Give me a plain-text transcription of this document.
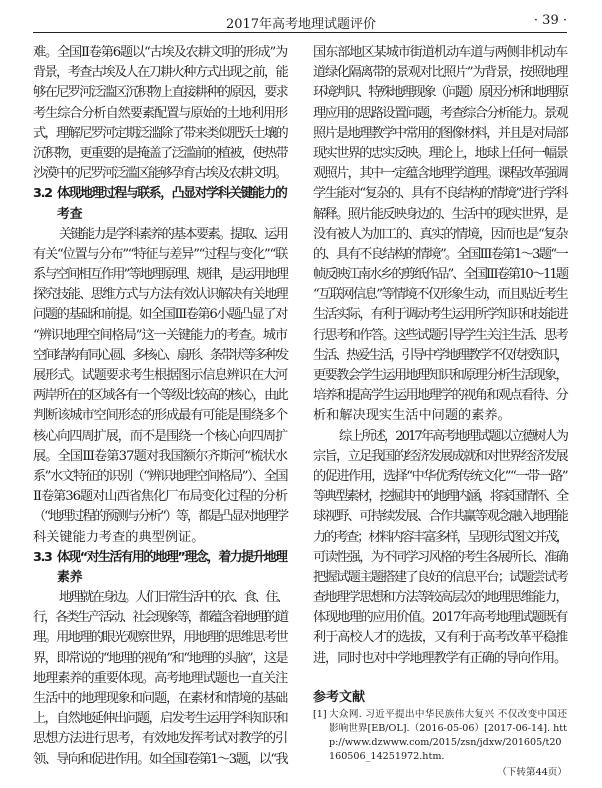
2017年高考地理试题评价	· 39 ·
难。全国Ⅱ卷第6题以“古埃及农耕文明的形成”为
背景，考查古埃及人在刀耕火种方式出现之前，能
够在尼罗河泛滥区沉积物上直接耕种的原因，要求
考生综合分析自然要素配置与原始的土地利用形
式，理解尼罗河定期泛滥除了带来类似肥沃土壤的
沉积物，更重要的是掩盖了泛滥前的植被，使热带
沙漠中的尼罗河泛滥区能够孕育古埃及农耕文明。
3.2 体现地理过程与联系，凸显对学科关键能力的
考查
关键能力是学科素养的基本要素。提取、运用
有关“位置与分布”“特征与差异”“过程与变化”“联
系与空间相互作用”等地理原理、规律，是运用地理
探究技能、思维方式与方法有效认识解决有关地理
问题的基础和前提。如全国Ⅲ卷第6小题凸显了对
“辨识地理空间格局”这一关键能力的考查。城市
空间结构有同心圆、多核心、扇形、条带状等多种发
展形式。试题要求考生根据图示信息辨识在大河
两岸所在的区域各有一个等级比较高的核心，由此
判断该城市空间形态的形成最有可能是围绕多个
核心向四周扩展，而不是围绕一个核心向四周扩
展。全国Ⅲ卷第37题对我国额尔齐斯河“梳状水
系”水文特征的识别（“辨识地理空间格局”）、全国
Ⅱ卷第36题对山西省焦化厂布局变化过程的分析
（“地理过程的预测与分析”）等，都是凸显对地理学
科关键能力考查的典型例证。
3.3 体现“对生活有用的地理”理念，着力提升地理
素养
地理就在身边。人们日常生活中的衣、食、住、
行，各类生产活动、社会现象等，都蕴含着地理的道
理。用地理的眼光观察世界，用地理的思维思考世
界，即常说的“地理的视角”和“地理的头脑”，这是
地理素养的重要体现。高考地理试题也一直关注
生活中的地理现象和问题，在素材和情境的基础
上，自然地延伸出问题，启发考生运用学科知识和
思想方法进行思考，有效地发挥考试对教学的引
领、导向和促进作用。如全国Ⅰ卷第1～3题，以“我
国东部地区某城市街道机动车道与两侧非机动车
道绿化隔离带的景观对比照片”为背景，按照地理
环境判识、特殊地理现象（问题）原因分析和地理原
理应用的思路设置问题，考查综合分析能力。景观
照片是地理教学中常用的图像材料，并且是对局部
现实世界的忠实反映。理论上，地球上任何一幅景
观照片，其中一定蕴含地理学道理。课程改革强调
学生能对“复杂的、具有不良结构的情境”进行学科
解释。照片能反映身边的、生活中的现实世界，是
没有被人为加工的、真实的情境，因而也是“复杂
的、具有不良结构的情境”。全国Ⅲ卷第1～3题“一
帧反映江南水乡的剪纸作品”、全国Ⅲ卷第10～11题
“互联网信息”等情境不仅形象生动，而且贴近考生
生活实际，有利于调动考生运用所学知识和技能进
行思考和作答。这些试题引导学生关注生活、思考
生活、热爱生活，引导中学地理教学不仅传授知识，
更要教会学生运用地理知识和原理分析生活现象，
培养和提高学生运用地理学的视角和观点看待、分
析和解决现实生活中问题的素养。
综上所述，2017年高考地理试题以立德树人为
宗旨，立足我国的经济发展成就和对世界经济发展
的促进作用，选择“中华优秀传统文化”“一带一路”
等典型素材，挖掘其中的地理内涵，将家国情怀、全
球视野、可持续发展、合作共赢等观念融入地理能
力的考查；材料内容丰富多样，呈现形式图文并茂，
可读性强，为不同学习风格的考生各展所长、准确
把握试题主题搭建了良好的信息平台；试题尝试考
查地理学思想和方法等较高层次的地理思维能力，
体现地理的应用价值。2017年高考地理试题既有
利于高校人才的选拔，又有利于高考改革平稳推
进，同时也对中学地理教学有正确的导向作用。
参考文献
[1] 大众网. 习近平提出中华民族伟大复兴 不仅改变中国还影响世界[EB/OL].（2016-05-06）[2017-06-14]. http://www.dzwww.com/2015/zsn/jdxw/201605/t20160506_14251972.htm.
（下转第44页）
